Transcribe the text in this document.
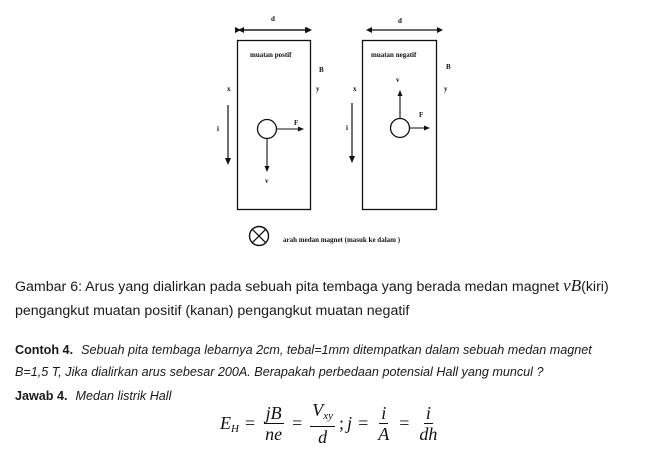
d
muatan postif
B
x	y
i
F
v
d
muatan negatif
B
x	y
i
F
v
arah medan magnet (masuk ke dalam )
Gambar 6: Arus yang dialirkan pada sebuah pita tembaga yang berada medan magnet vB(kiri)
pengangkut muatan positif (kanan) pengangkut muatan negatif
Contoh 4. Sebuah pita tembaga lebarnya 2cm, tebal=1mm ditempatkan dalam sebuah medan magnet
B=1,5 T, Jika dialirkan arus sebesar 200A. Berapakah perbedaan potensial Hall yang muncul ?
Jawab 4. Medan listrik Hall
$E_H = \frac{jB}{ne} = \frac{V_{xy}}{d}$ ; $j = \frac{i}{A} = \frac{i}{dh}$
